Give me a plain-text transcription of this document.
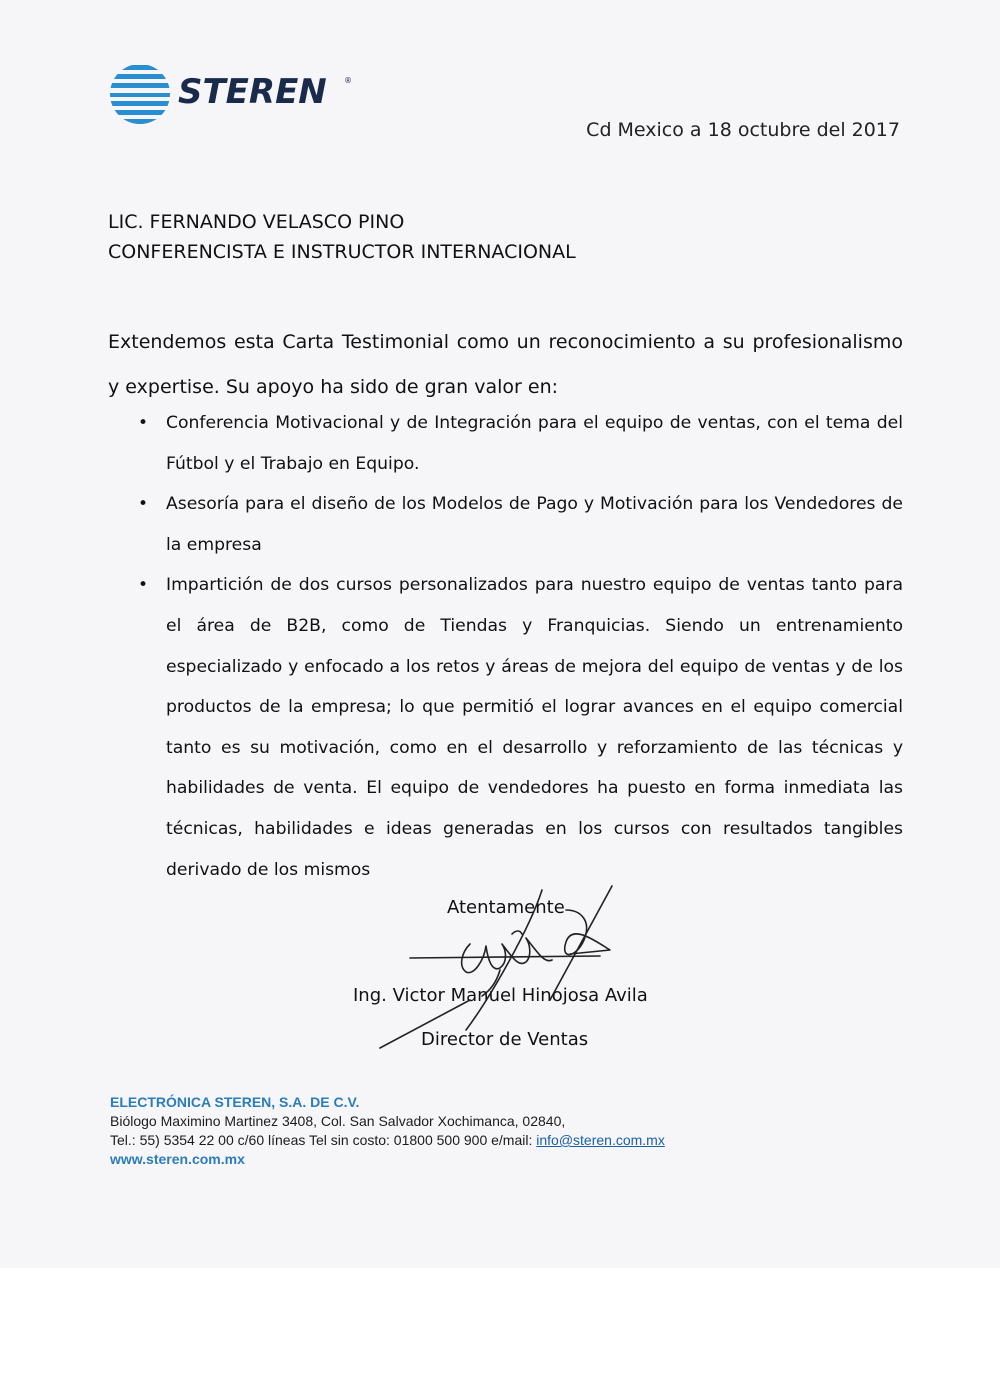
STEREN ®
Cd Mexico a 18 octubre del 2017
LIC. FERNANDO VELASCO PINO
CONFERENCISTA E INSTRUCTOR INTERNACIONAL
Extendemos esta Carta Testimonial como un reconocimiento a su profesionalismo y expertise. Su apoyo ha sido de gran valor en:
• Conferencia Motivacional y de Integración para el equipo de ventas, con el tema del Fútbol y el Trabajo en Equipo.
• Asesoría para el diseño de los Modelos de Pago y Motivación para los Vendedores de la empresa
• Impartición de dos cursos personalizados para nuestro equipo de ventas tanto para el área de B2B, como de Tiendas y Franquicias. Siendo un entrenamiento especializado y enfocado a los retos y áreas de mejora del equipo de ventas y de los productos de la empresa; lo que permitió el lograr avances en el equipo comercial tanto es su motivación, como en el desarrollo y reforzamiento de las técnicas y habilidades de venta. El equipo de vendedores ha puesto en forma inmediata las técnicas, habilidades e ideas generadas en los cursos con resultados tangibles derivado de los mismos
Atentamente
Ing. Victor Manuel Hinojosa Avila
Director de Ventas
ELECTRÓNICA STEREN, S.A. DE C.V.
Biólogo Maximino Martinez 3408, Col. San Salvador Xochimanca, 02840,
Tel.: 55) 5354 22 00 c/60 líneas Tel sin costo: 01800 500 900 e/mail: info@steren.com.mx
www.steren.com.mx
